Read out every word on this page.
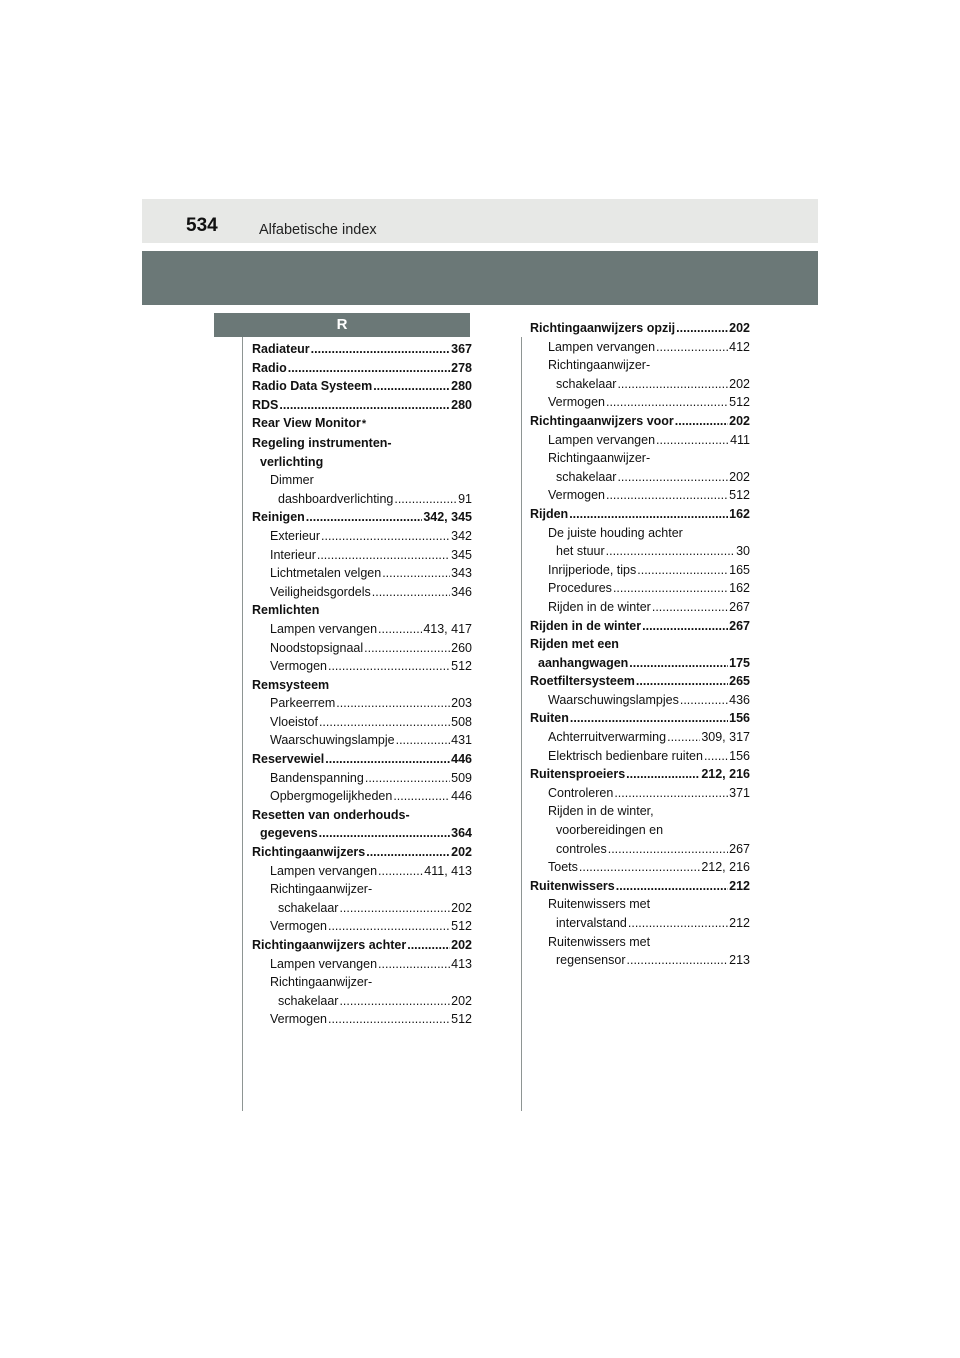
534	Alfabetische index
R
Radiateur .....	367
Radio .....	278
Radio Data Systeem .....	280
RDS .....	280
Rear View Monitor *
Regeling instrumenten-
verlichting
Dimmer
dashboardverlichting .....	91
Reinigen .....	342, 345
Exterieur .....	342
Interieur .....	345
Lichtmetalen velgen .....	343
Veiligheidsgordels .....	346
Remlichten
Lampen vervangen .....	413, 417
Noodstopsignaal .....	260
Vermogen .....	512
Remsysteem
Parkeerrem .....	203
Vloeistof .....	508
Waarschuwingslampje .....	431
Reservewiel .....	446
Bandenspanning .....	509
Opbergmogelijkheden .....	446
Resetten van onderhouds-
gegevens .....	364
Richtingaanwijzers .....	202
Lampen vervangen .....	411, 413
Richtingaanwijzer-
schakelaar .....	202
Vermogen .....	512
Richtingaanwijzers achter .....	202
Lampen vervangen .....	413
Richtingaanwijzer-
schakelaar .....	202
Vermogen .....	512
Richtingaanwijzers opzij .....	202
Lampen vervangen .....	412
Richtingaanwijzer-
schakelaar .....	202
Vermogen .....	512
Richtingaanwijzers voor .....	202
Lampen vervangen .....	411
Richtingaanwijzer-
schakelaar .....	202
Vermogen .....	512
Rijden .....	162
De juiste houding achter
het stuur .....	30
Inrijperiode, tips .....	165
Procedures .....	162
Rijden in de winter .....	267
Rijden in de winter .....	267
Rijden met een
aanhangwagen .....	175
Roetfiltersysteem .....	265
Waarschuwingslampjes .....	436
Ruiten .....	156
Achterruitverwarming .....	309, 317
Elektrisch bedienbare ruiten ..... 156
Ruitensproeiers .....	212, 216
Controleren .....	371
Rijden in de winter,
voorbereidingen en
controles .....	267
Toets .....	212, 216
Ruitenwissers .....	212
Ruitenwissers met
intervalstand .....	212
Ruitenwissers met
regensensor .....	213
